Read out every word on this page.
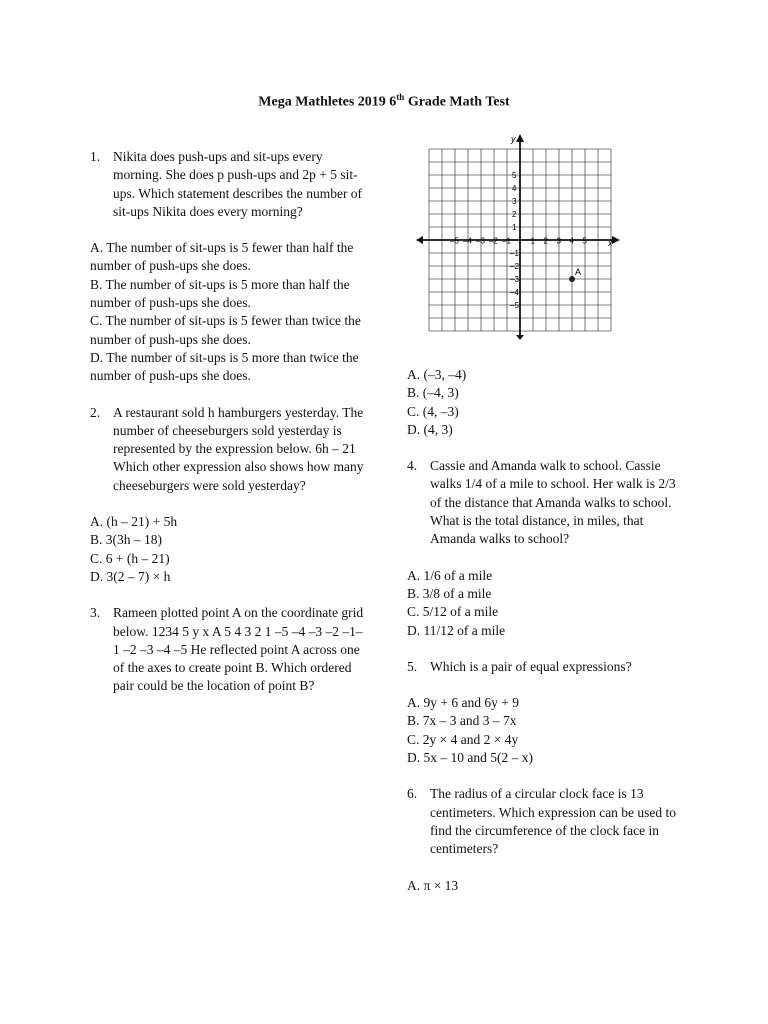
Mega Mathletes 2019 6th Grade Math Test
1. Nikita does push-ups and sit-ups every morning. She does p push-ups and 2p + 5 sit-ups. Which statement describes the number of sit-ups Nikita does every morning?
A. The number of sit-ups is 5 fewer than half the number of push-ups she does.
B. The number of sit-ups is 5 more than half the number of push-ups she does.
C. The number of sit-ups is 5 fewer than twice the number of push-ups she does.
D. The number of sit-ups is 5 more than twice the number of push-ups she does.
2. A restaurant sold h hamburgers yesterday. The number of cheeseburgers sold yesterday is represented by the expression below. 6h – 21 Which other expression also shows how many cheeseburgers were sold yesterday?
A. (h – 21) + 5h
B. 3(3h – 18)
C. 6 + (h – 21)
D. 3(2 – 7) × h
3. Rameen plotted point A on the coordinate grid below. 1234 5 y x A 5 4 3 2 1 –5 –4 –3 –2 –1–1 –2 –3 –4 –5 He reflected point A across one of the axes to create point B. Which ordered pair could be the location of point B?
–5 –4 –3 –2 –1 1 2 3 4 5
5
4
3
2
1
–1
–2
–3
–4
–5
x
y
A
A. (–3, –4)
B. (–4, 3)
C. (4, –3)
D. (4, 3)
4. Cassie and Amanda walk to school. Cassie walks 1/4 of a mile to school. Her walk is 2/3 of the distance that Amanda walks to school. What is the total distance, in miles, that Amanda walks to school?
A. 1/6 of a mile
B. 3/8 of a mile
C. 5/12 of a mile
D. 11/12 of a mile
5. Which is a pair of equal expressions?
A. 9y + 6 and 6y + 9
B. 7x – 3 and 3 – 7x
C. 2y × 4 and 2 × 4y
D. 5x – 10 and 5(2 – x)
6. The radius of a circular clock face is 13 centimeters. Which expression can be used to find the circumference of the clock face in centimeters?
A. π × 13
